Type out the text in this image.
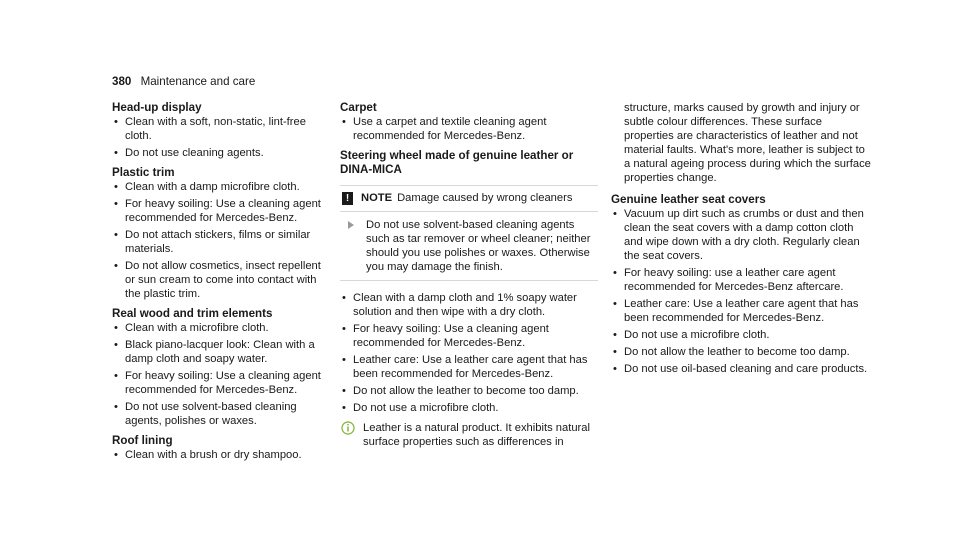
380 Maintenance and care
Head-up display
• Clean with a soft, non-static, lint-free cloth.
• Do not use cleaning agents.
Plastic trim
• Clean with a damp microfibre cloth.
• For heavy soiling: Use a cleaning agent recommended for Mercedes-Benz.
• Do not attach stickers, films or similar materials.
• Do not allow cosmetics, insect repellent or sun cream to come into contact with the plastic trim.
Real wood and trim elements
• Clean with a microfibre cloth.
• Black piano-lacquer look: Clean with a damp cloth and soapy water.
• For heavy soiling: Use a cleaning agent recommended for Mercedes-Benz.
• Do not use solvent-based cleaning agents, polishes or waxes.
Roof lining
• Clean with a brush or dry shampoo.
Carpet
• Use a carpet and textile cleaning agent recommended for Mercedes-Benz.
Steering wheel made of genuine leather or DINA-MICA
!	NOTE Damage caused by wrong cleaners
Do not use solvent-based cleaning agents such as tar remover or wheel cleaner; neither should you use polishes or waxes. Otherwise you may damage the finish.
• Clean with a damp cloth and 1% soapy water solution and then wipe with a dry cloth.
• For heavy soiling: Use a cleaning agent recommended for Mercedes-Benz.
• Leather care: Use a leather care agent that has been recommended for Mercedes-Benz.
• Do not allow the leather to become too damp.
• Do not use a microfibre cloth.
Leather is a natural product. It exhibits natural surface properties such as differences in

structure, marks caused by growth and injury or subtle colour differences. These surface properties are characteristics of leather and not material faults. What's more, leather is subject to a natural ageing process during which the surface properties change.

Genuine leather seat covers
• Vacuum up dirt such as crumbs or dust and then clean the seat covers with a damp cotton cloth and wipe down with a dry cloth. Regularly clean the seat covers.
• For heavy soiling: use a leather care agent recommended for Mercedes-Benz aftercare.
• Leather care: Use a leather care agent that has been recommended for Mercedes-Benz.
• Do not use a microfibre cloth.
• Do not allow the leather to become too damp.
• Do not use oil-based cleaning and care products.
